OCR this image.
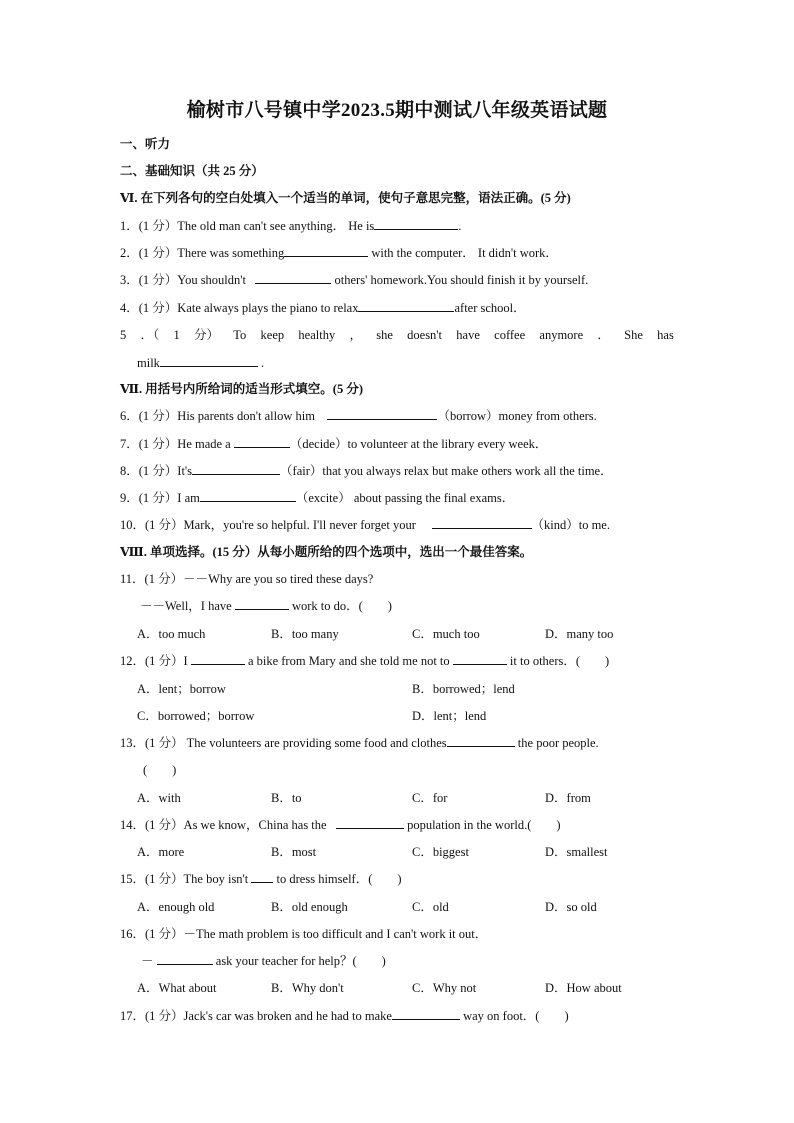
榆树市八号镇中学2023.5期中测试八年级英语试题
一、听力
二、基础知识（共 25 分）
Ⅵ. 在下列各句的空白处填入一个适当的单词，使句子意思完整，语法正确。(5 分)
1．(1 分）The old man can't see anything． He is	.
2．(1 分）There was something	with the computer． It didn't work．
3．(1 分）You shouldn't	others' homework.You should finish it by yourself.
4．(1 分）Kate always plays the piano to relax	after school．
5 ．（ 1 分） To keep healthy ， she doesn't have coffee anymore ． She has
milk	.
Ⅶ. 用括号内所给词的适当形式填空。(5 分)
6．(1 分）His parents don't allow him	（borrow）money from others.
7．(1 分）He made a	（decide）to volunteer at the library every week．
8．(1 分）It's	（fair）that you always relax but make others work all the time．
9．(1 分）I am	（excite） about passing the final exams．
10．(1 分）Mark，you're so helpful. I'll never forget your	（kind）to me.
Ⅷ. 单项选择。(15 分）从每小题所给的四个选项中，选出一个最佳答案。
11．(1 分）－－Why are you so tired these days?
－－Well，I have	work to do．(　　)
A．too much	B．too many	C．much too	D．many too
12．(1 分）I	a bike from Mary and she told me not to	it to others．(　　)
A．lent；borrow	B．borrowed；lend
C．borrowed；borrow	D．lent；lend
13．(1 分） The volunteers are providing some food and clothes	the poor people.
(　　)
A．with	B．to	C．for	D．from
14．(1 分）As we know，China has the	population in the world.(　　)
A．more	B．most	C．biggest	D．smallest
15．(1 分）The boy isn't to dress himself．(　　)
A．enough old	B．old enough	C．old	D．so old
16．(1 分）－The math problem is too difficult and I can't work it out．
－	ask your teacher for help？(　　)
A．What about	B．Why don't	C．Why not	D．How about
17．(1 分）Jack's car was broken and he had to make	way on foot．(　　)
